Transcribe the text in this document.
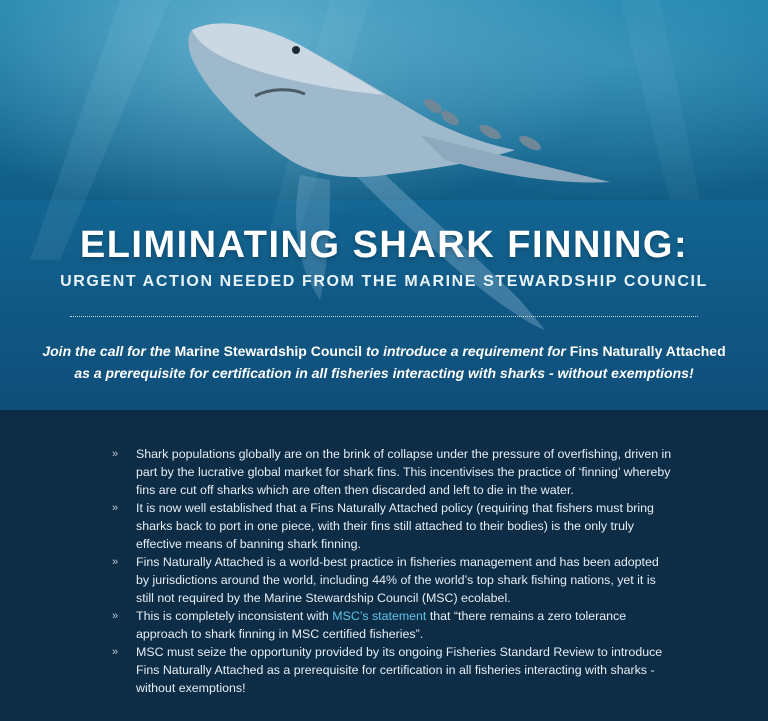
ELIMINATING SHARK FINNING:
URGENT ACTION NEEDED FROM THE MARINE STEWARDSHIP COUNCIL

Join the call for the Marine Stewardship Council to introduce a requirement for Fins Naturally Attached
as a prerequisite for certification in all fisheries interacting with sharks - without exemptions!

» Shark populations globally are on the brink of collapse under the pressure of overfishing, driven in part by the lucrative global market for shark fins. This incentivises the practice of ‘finning’ whereby fins are cut off sharks which are often then discarded and left to die in the water.
» It is now well established that a Fins Naturally Attached policy (requiring that fishers must bring sharks back to port in one piece, with their fins still attached to their bodies) is the only truly effective means of banning shark finning.
» Fins Naturally Attached is a world-best practice in fisheries management and has been adopted by jurisdictions around the world, including 44% of the world’s top shark fishing nations, yet it is still not required by the Marine Stewardship Council (MSC) ecolabel.
» This is completely inconsistent with MSC’s statement that “there remains a zero tolerance approach to shark finning in MSC certified fisheries”.
» MSC must seize the opportunity provided by its ongoing Fisheries Standard Review to introduce Fins Naturally Attached as a prerequisite for certification in all fisheries interacting with sharks - without exemptions!
